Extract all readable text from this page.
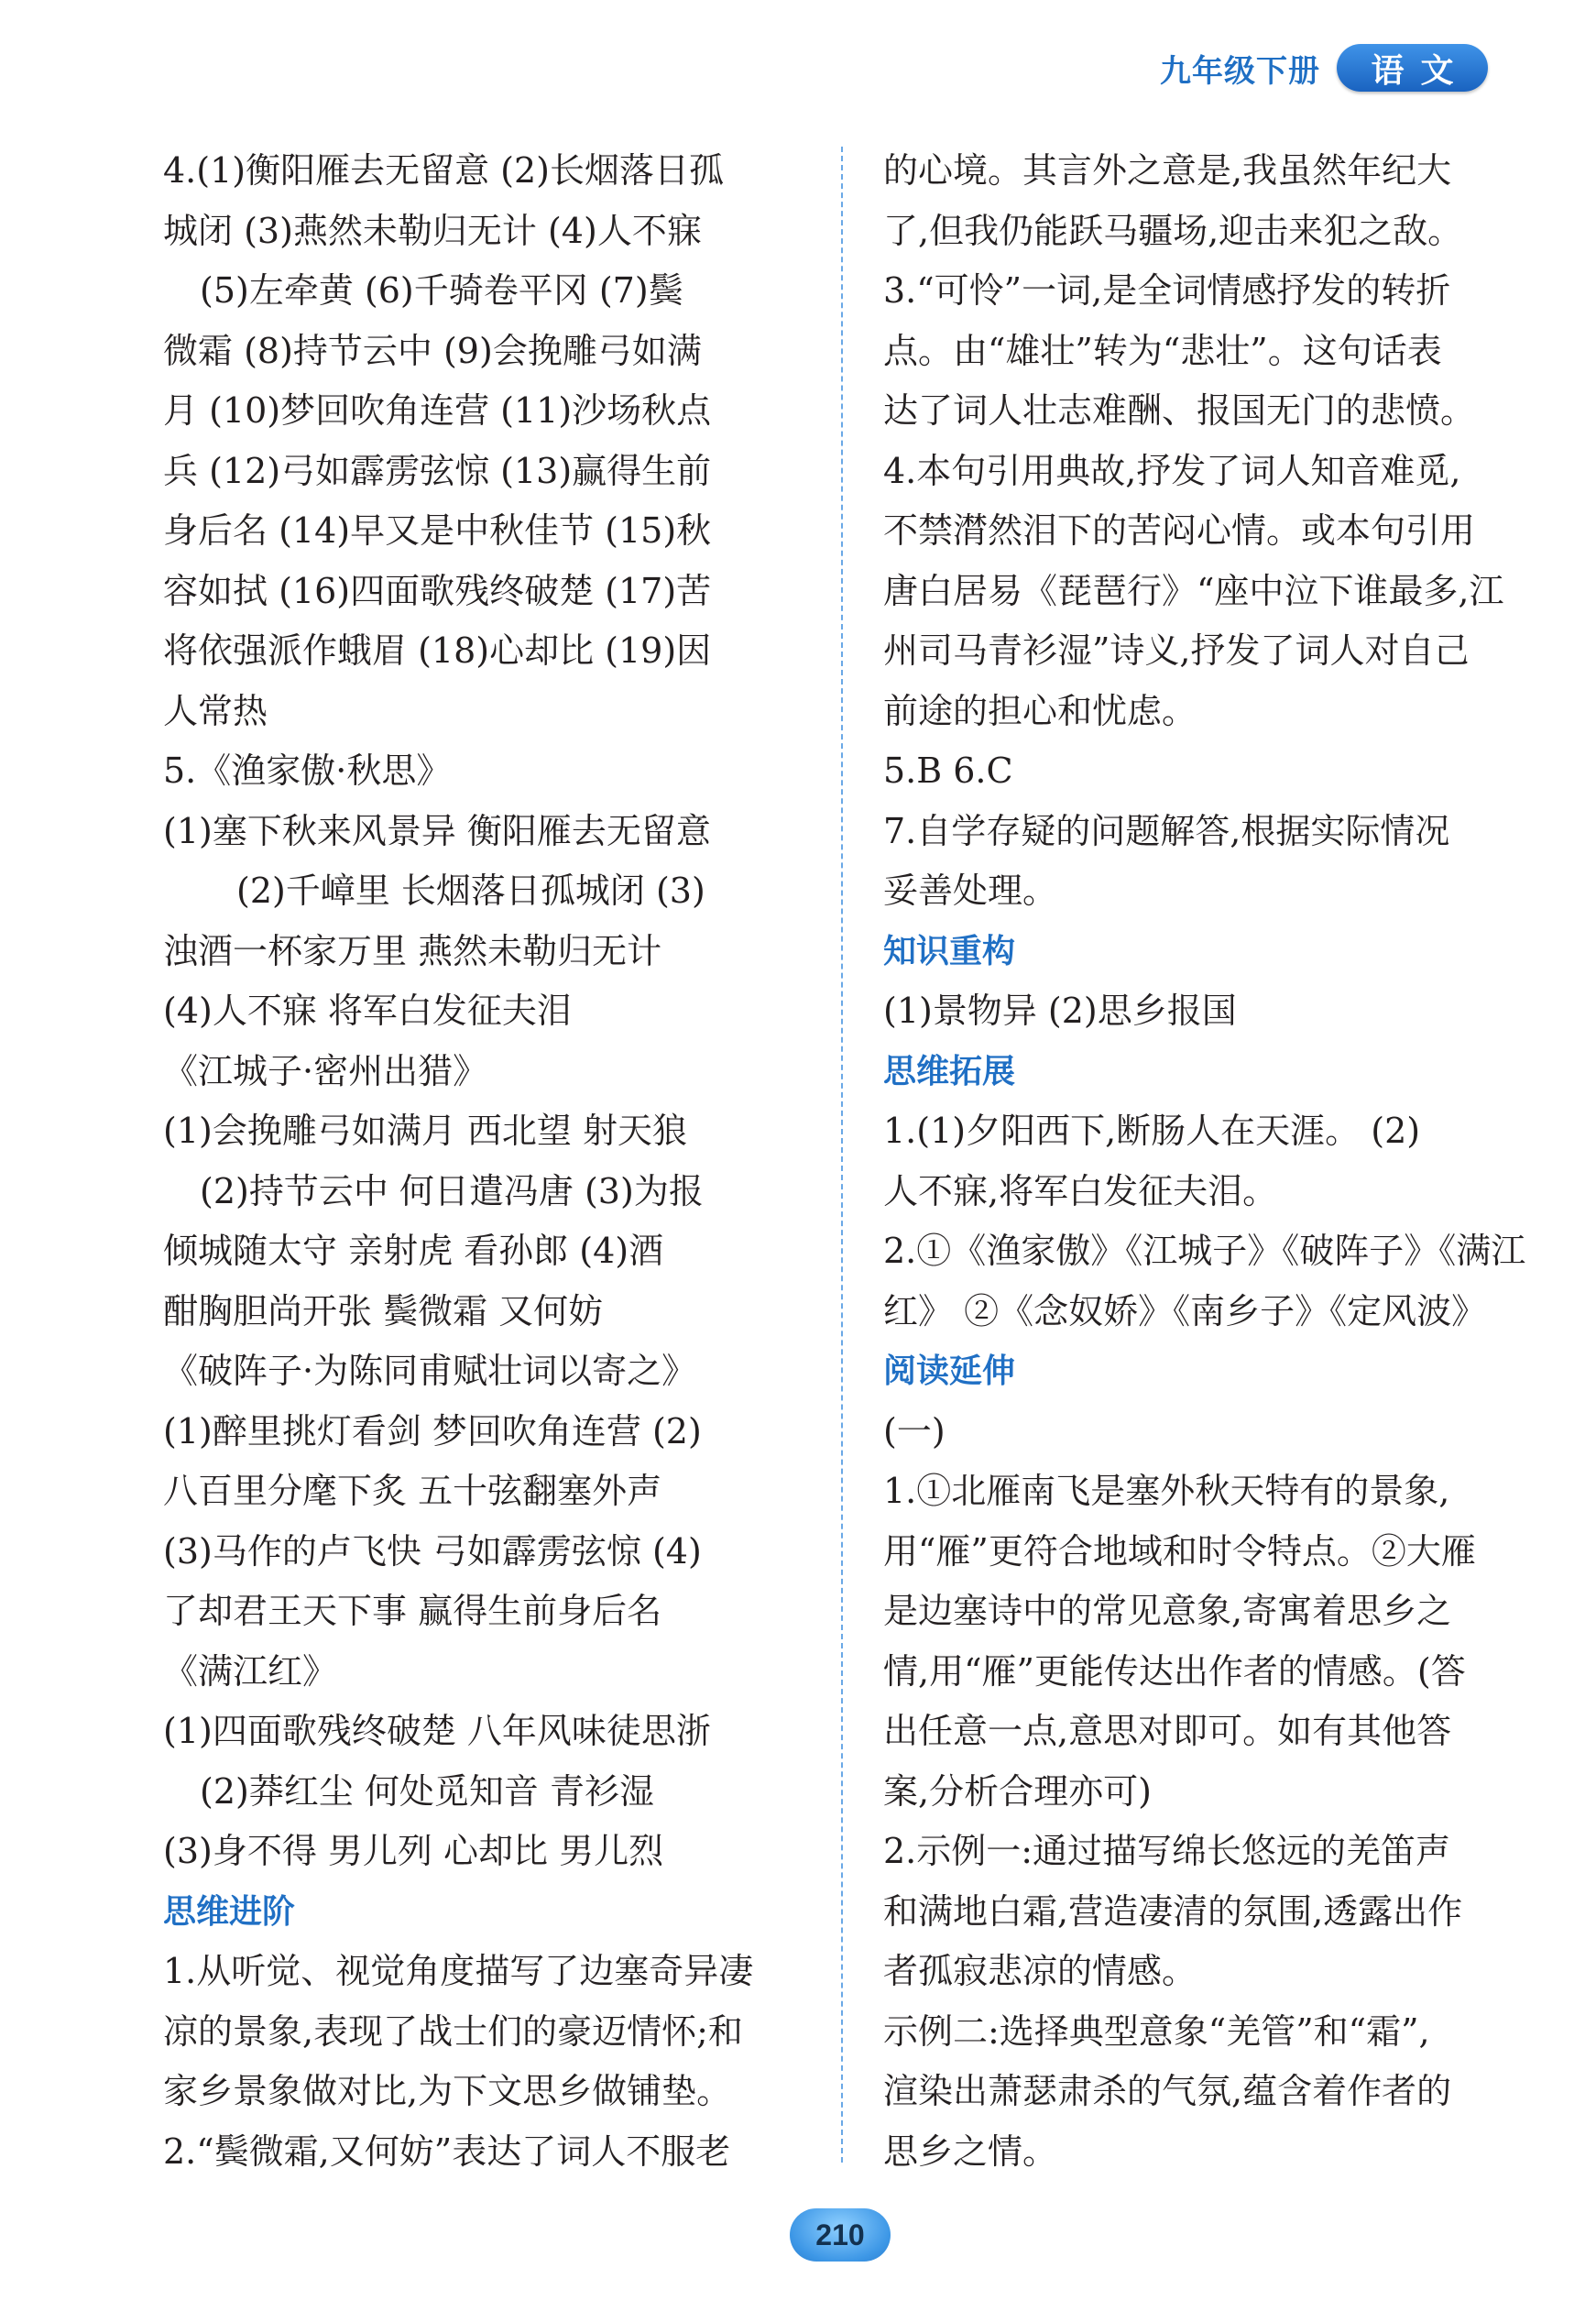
九年级下册	语文
4.(1)衡阳雁去无留意 (2)长烟落日孤
城闭 (3)燕然未勒归无计 (4)人不寐
(5)左牵黄 (6)千骑卷平冈 (7)鬓
微霜 (8)持节云中 (9)会挽雕弓如满
月 (10)梦回吹角连营 (11)沙场秋点
兵 (12)弓如霹雳弦惊 (13)赢得生前
身后名 (14)早又是中秋佳节 (15)秋
容如拭 (16)四面歌残终破楚 (17)苦
将依强派作蛾眉 (18)心却比 (19)因
人常热
5.《渔家傲·秋思》
(1)塞下秋来风景异 衡阳雁去无留意
(2)千嶂里 长烟落日孤城闭 (3)
浊酒一杯家万里 燕然未勒归无计
(4)人不寐 将军白发征夫泪
《江城子·密州出猎》
(1)会挽雕弓如满月 西北望 射天狼
(2)持节云中 何日遣冯唐 (3)为报
倾城随太守 亲射虎 看孙郎 (4)酒
酣胸胆尚开张 鬓微霜 又何妨
《破阵子·为陈同甫赋壮词以寄之》
(1)醉里挑灯看剑 梦回吹角连营 (2)
八百里分麾下炙 五十弦翻塞外声
(3)马作的卢飞快 弓如霹雳弦惊 (4)
了却君王天下事 赢得生前身后名
《满江红》
(1)四面歌残终破楚 八年风味徒思浙
(2)莽红尘 何处觅知音 青衫湿
(3)身不得 男儿列 心却比 男儿烈
思维进阶
1.从听觉、视觉角度描写了边塞奇异凄
凉的景象,表现了战士们的豪迈情怀;和
家乡景象做对比,为下文思乡做铺垫。
2.“鬓微霜,又何妨”表达了词人不服老
的心境。其言外之意是,我虽然年纪大
了,但我仍能跃马疆场,迎击来犯之敌。
3.“可怜”一词,是全词情感抒发的转折
点。由“雄壮”转为“悲壮”。这句话表
达了词人壮志难酬、报国无门的悲愤。
4.本句引用典故,抒发了词人知音难觅,
不禁潸然泪下的苦闷心情。或本句引用
唐白居易《琵琶行》“座中泣下谁最多,江
州司马青衫湿”诗义,抒发了词人对自己
前途的担心和忧虑。
5.B 6.C
7.自学存疑的问题解答,根据实际情况
妥善处理。
知识重构
(1)景物异 (2)思乡报国
思维拓展
1.(1)夕阳西下,断肠人在天涯。 (2)
人不寐,将军白发征夫泪。
2.①《渔家傲》《江城子》《破阵子》《满江
红》 ②《念奴娇》《南乡子》《定风波》
阅读延伸
(一)
1.①北雁南飞是塞外秋天特有的景象,
用“雁”更符合地域和时令特点。②大雁
是边塞诗中的常见意象,寄寓着思乡之
情,用“雁”更能传达出作者的情感。(答
出任意一点,意思对即可。如有其他答
案,分析合理亦可)
2.示例一:通过描写绵长悠远的羌笛声
和满地白霜,营造凄清的氛围,透露出作
者孤寂悲凉的情感。
示例二:选择典型意象“羌管”和“霜”,
渲染出萧瑟肃杀的气氛,蕴含着作者的
思乡之情。
210
